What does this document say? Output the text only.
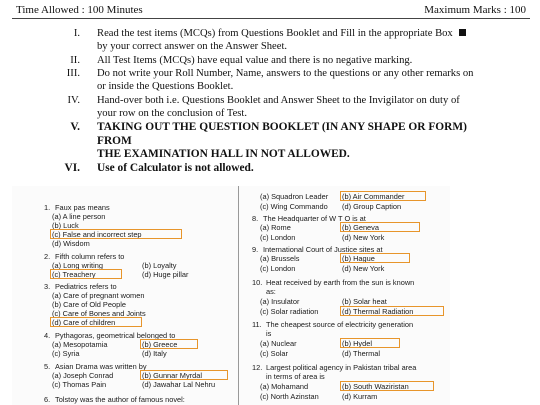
Time Allowed : 100 Minutes	Maximum Marks : 100
I. Read the test items (MCQs) from Questions Booklet and Fill in the appropriate Box
by your correct answer on the Answer Sheet.
II. All Test Items (MCQs) have equal value and there is no negative marking.
III. Do not write your Roll Number, Name, answers to the questions or any other remarks on
or inside the Questions Booklet.
IV. Hand-over both i.e. Questions Booklet and Answer Sheet to the Invigilator on duty of
your row on the conclusion of Test.
V. TAKING OUT THE QUESTION BOOKLET (IN ANY SHAPE OR FORM)
FROM
THE EXAMINATION HALL IN NOT ALLOWED.
VI. Use of Calculator is not allowed.
1. Faux pas means
(a) A line person
(b) Luck
(c) False and incorrect step
(d) Wisdom
2. Fifth column refers to
(a) Long writing	(b) Loyalty
(c) Treachery	(d) Huge pillar
3. Pediatrics refers to
(a) Care of pregnant women
(b) Care of Old People
(c) Care of Bones and Joints
(d) Care of children
4. Pythagoras, geometrical belonged to
(a) Mesopotamia	(b) Greece
(c) Syria	(d) Italy
5. Asian Drama was written by
(a) Joseph Conrad	(b) Gunnar Myrdal
(c) Thomas Pain	(d) Jawahar Lal Nehru
6. Tolstoy was the author of famous novel:
(a) Squadron Leader (b) Air Commander
(c) Wing Commando (d) Group Caption
8. The Headquarter of W T O is at
(a) Rome	(b) Geneva
(c) London	(d) New York
9. International Court of Justice sites at
(a) Brussels	(b) Hague
(c) London	(d) New York
10. Heat received by earth from the sun is known
as:
(a) Insulator	(b) Solar heat
(c) Solar radiation	(d) Thermal Radiation
11. The cheapest source of electricity generation
is
(a) Nuclear	(b) Hydel
(c) Solar	(d) Thermal
12. Largest political agency in Pakistan tribal area
in terms of area is
(a) Mohamand	(b) South Waziristan
(c) North Azinstan	(d) Kurram
